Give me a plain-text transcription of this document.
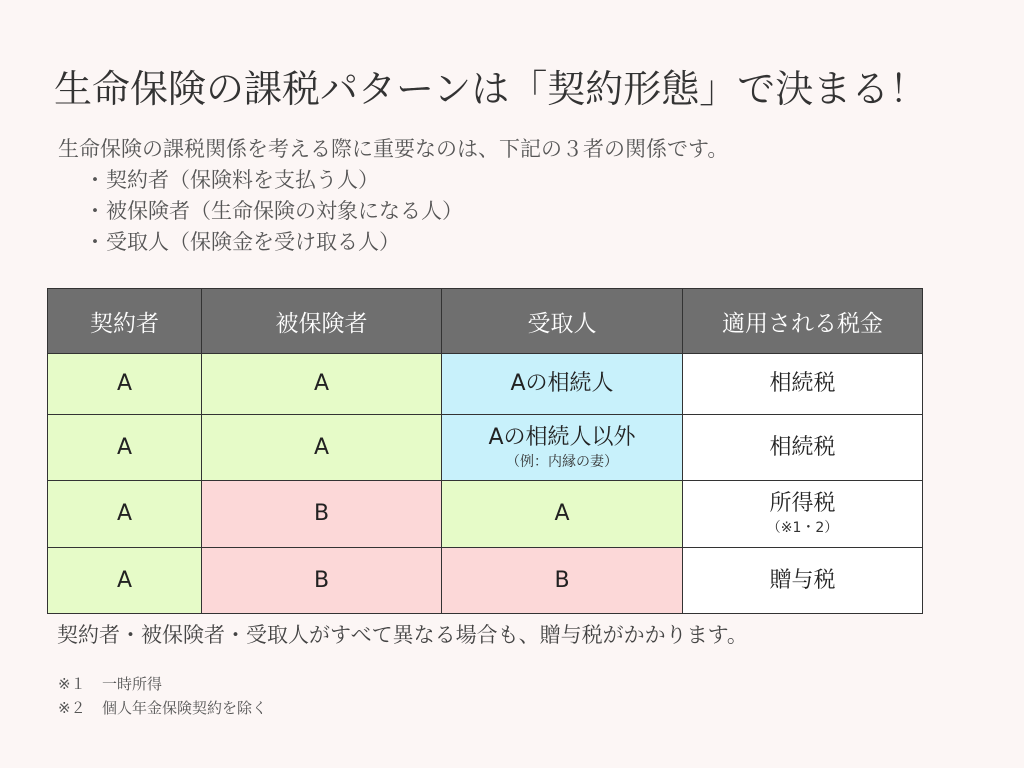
生命保険の課税パターンは「契約形態」で決まる！
生命保険の課税関係を考える際に重要なのは、下記の３者の関係です。
・契約者（保険料を支払う人）
・被保険者（生命保険の対象になる人）
・受取人（保険金を受け取る人）
契約者	被保険者	受取人	適用される税金

A	A	Aの相続人	相続税

A	A	Aの相続人以外
（例：内縁の妻）	相続税

A	B	A	所得税
（※1・2）

A	B	B	贈与税
契約者・被保険者・受取人がすべて異なる場合も、贈与税がかかります。
※１ 一時所得
※２ 個人年金保険契約を除く
